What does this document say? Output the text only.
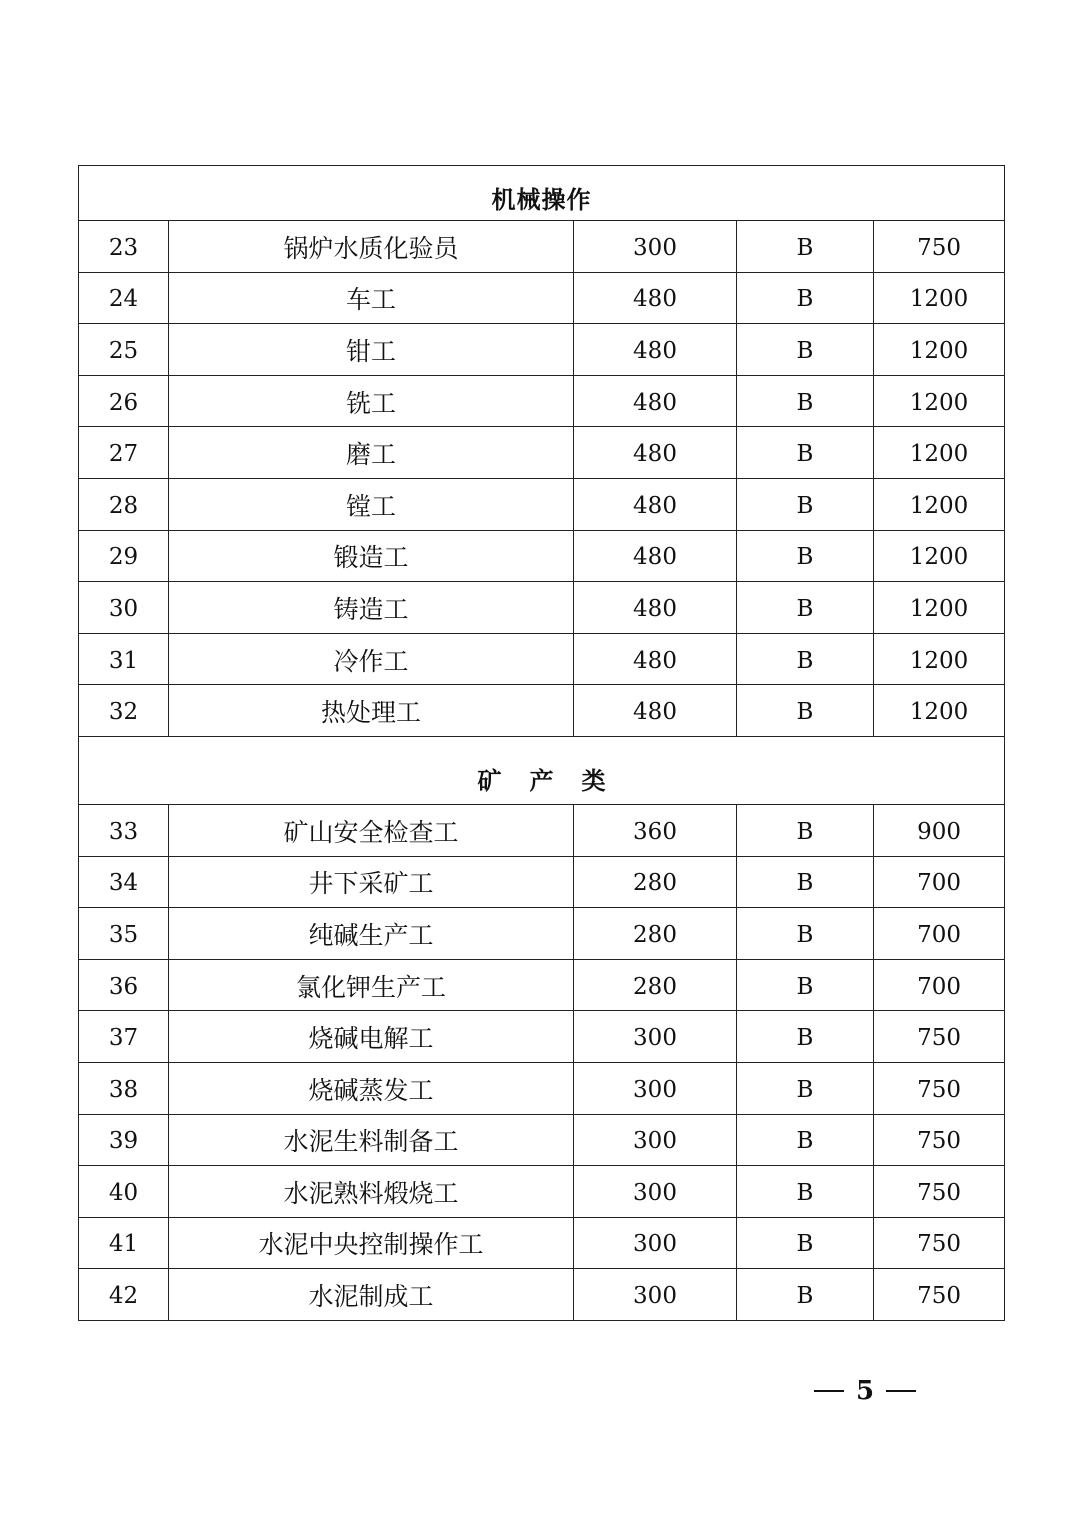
机械操作				
23	锅炉水质化验员	300	B	750
24	车工	480	B	1200
25	钳工	480	B	1200
26	铣工	480	B	1200
27	磨工	480	B	1200
28	镗工	480	B	1200
29	锻造工	480	B	1200
30	铸造工	480	B	1200
31	冷作工	480	B	1200
32	热处理工	480	B	1200
矿产类				
33	矿山安全检查工	360	B	900
34	井下采矿工	280	B	700
35	纯碱生产工	280	B	700
36	氯化钾生产工	280	B	700
37	烧碱电解工	300	B	750
38	烧碱蒸发工	300	B	750
39	水泥生料制备工	300	B	750
40	水泥熟料煅烧工	300	B	750
41	水泥中央控制操作工	300	B	750
42	水泥制成工	300	B	750
5
